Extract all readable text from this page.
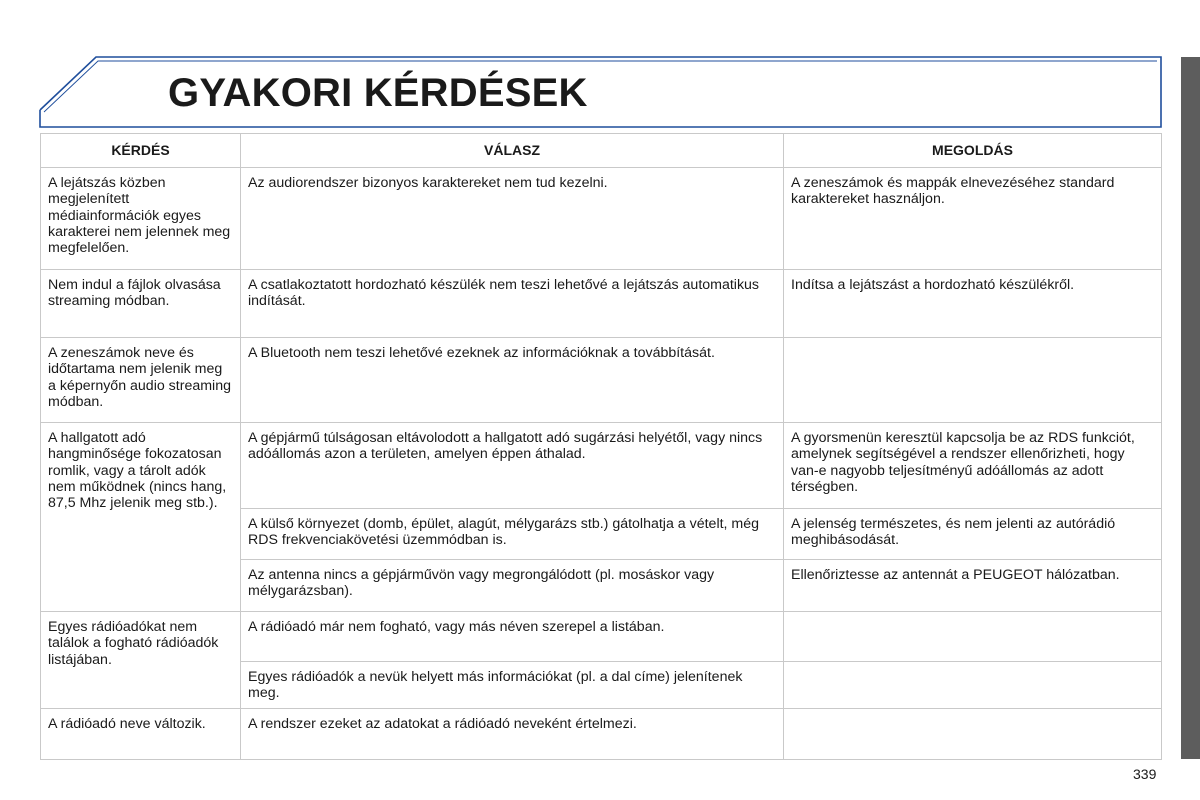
GYAKORI KÉRDÉSEK
KÉRDÉS	VÁLASZ	MEGOLDÁS
A lejátszás közben megjelenített médiainformációk egyes karakterei nem jelennek meg megfelelően.	Az audiorendszer bizonyos karaktereket nem tud kezelni.	A zeneszámok és mappák elnevezéséhez standard karaktereket használjon.
Nem indul a fájlok olvasása streaming módban.	A csatlakoztatott hordozható készülék nem teszi lehetővé a lejátszás automatikus indítását.	Indítsa a lejátszást a hordozható készülékről.
A zeneszámok neve és időtartama nem jelenik meg a képernyőn audio streaming módban.	A Bluetooth nem teszi lehetővé ezeknek az információknak a továbbítását.	
A hallgatott adó hangminősége fokozatosan romlik, vagy a tárolt adók nem működnek (nincs hang, 87,5 Mhz jelenik meg stb.).	A gépjármű túlságosan eltávolodott a hallgatott adó sugárzási helyétől, vagy nincs adóállomás azon a területen, amelyen éppen áthalad.	A gyorsmenün keresztül kapcsolja be az RDS funkciót, amelynek segítségével a rendszer ellenőrizheti, hogy van-e nagyobb teljesítményű adóállomás az adott térségben.
	A külső környezet (domb, épület, alagút, mélygarázs stb.) gátolhatja a vételt, még RDS frekvenciakövetési üzemmódban is.	A jelenség természetes, és nem jelenti az autórádió meghibásodását.
	Az antenna nincs a gépjárművön vagy megrongálódott (pl. mosáskor vagy mélygarázsban).	Ellenőriztesse az antennát a PEUGEOT hálózatban.
Egyes rádióadókat nem találok a fogható rádióadók listájában.	A rádióadó már nem fogható, vagy más néven szerepel a listában.	
	Egyes rádióadók a nevük helyett más információkat (pl. a dal címe) jelenítenek meg.	
A rádióadó neve változik.	A rendszer ezeket az adatokat a rádióadó neveként értelmezi.	
339
